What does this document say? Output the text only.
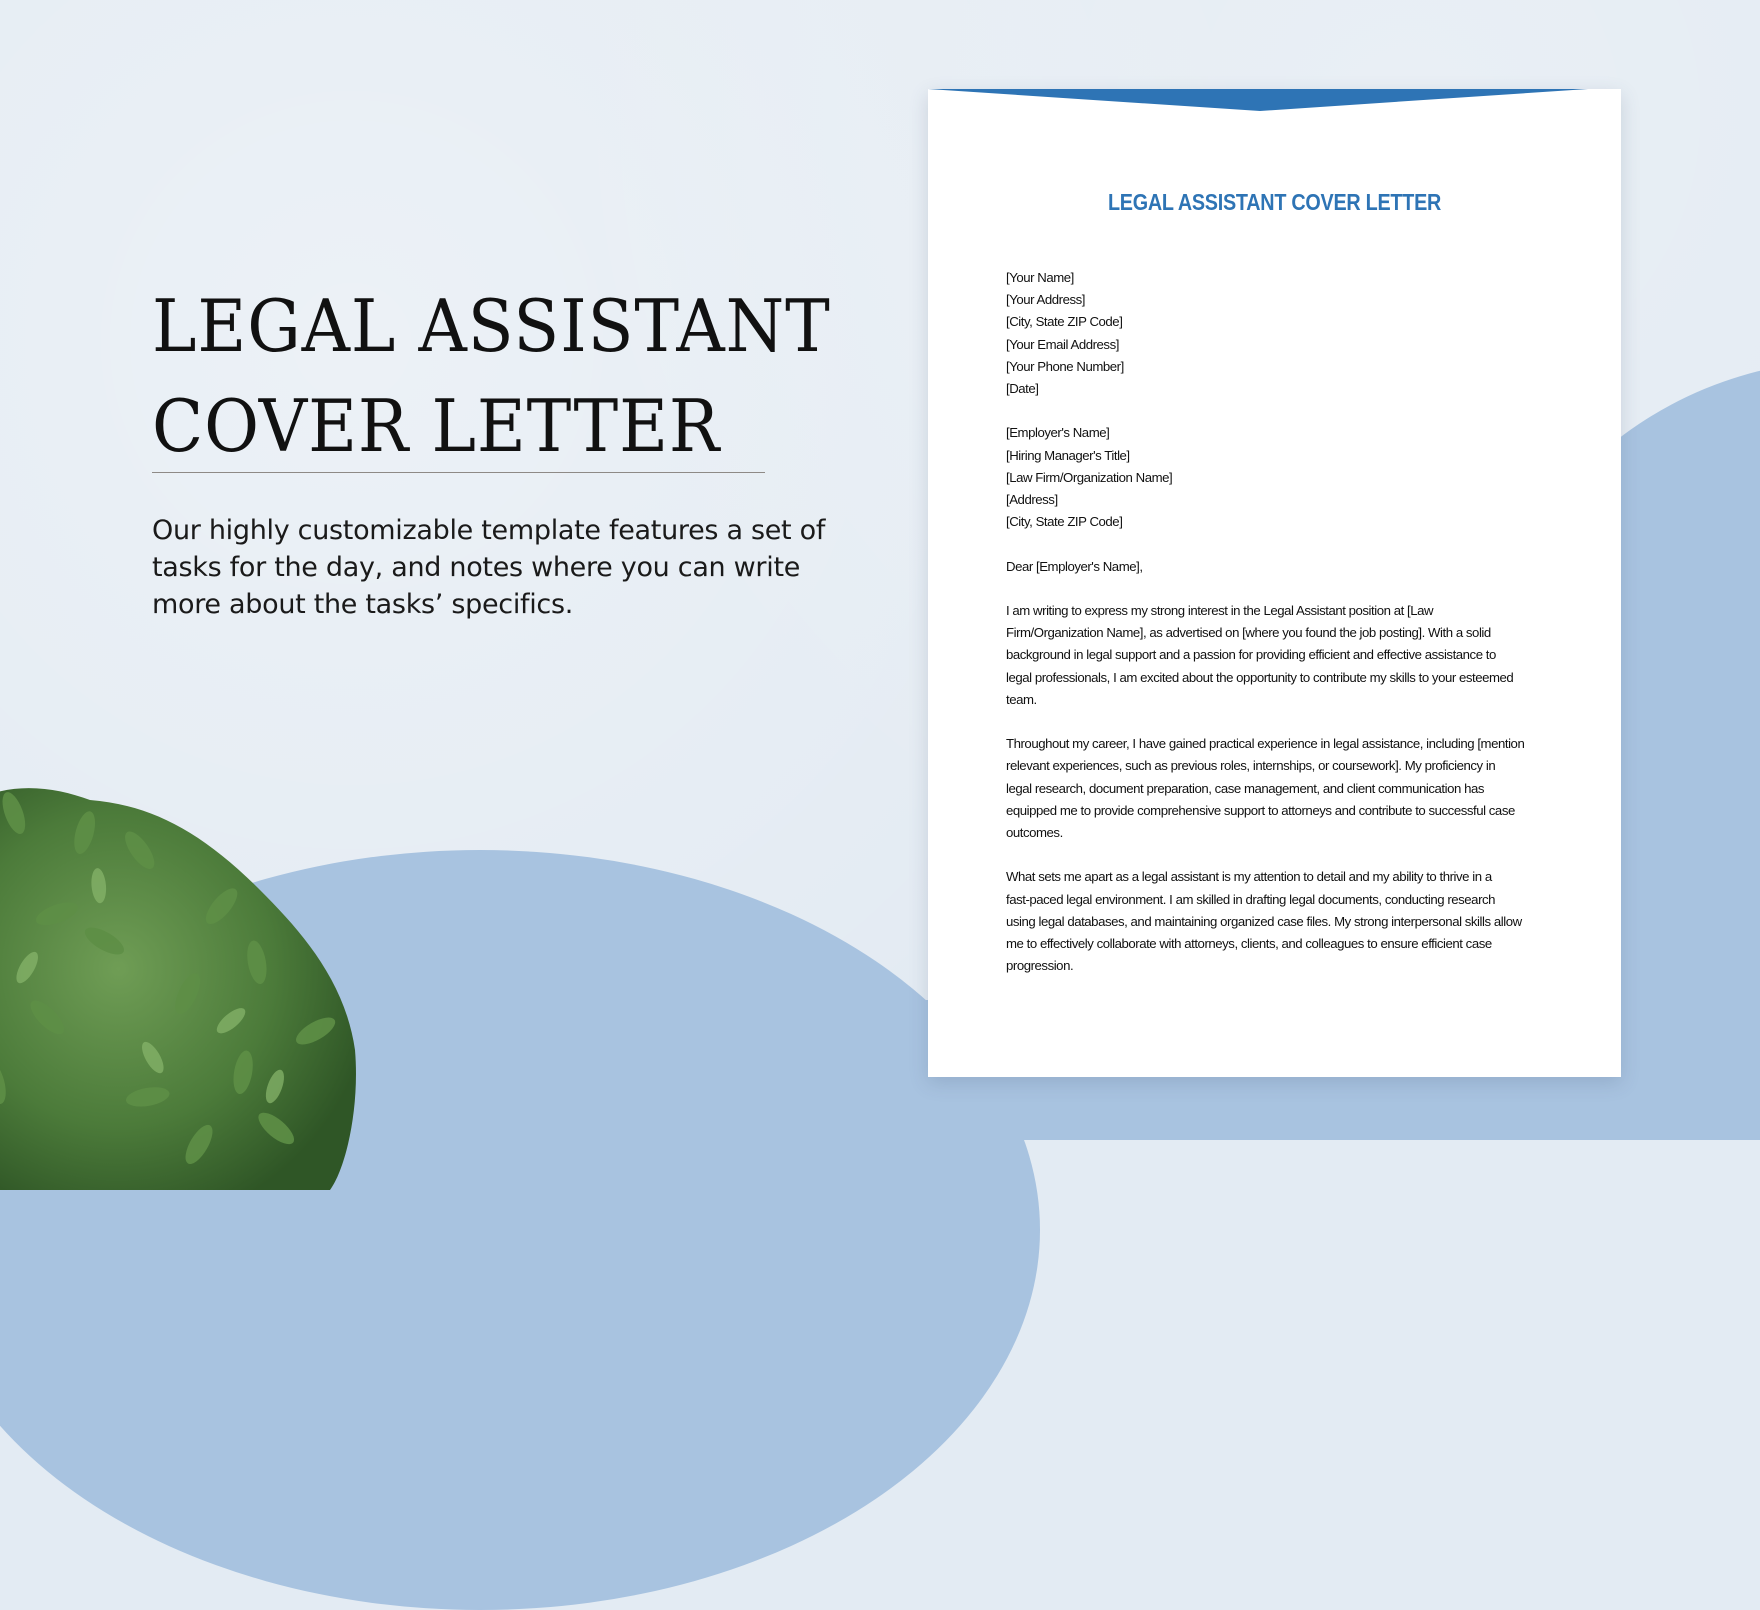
LEGAL ASSISTANT
COVER LETTER

Our highly customizable template features a set of tasks for the day, and notes where you can write more about the tasks’ specifics.

LEGAL ASSISTANT COVER LETTER
[Your Name]
[Your Address]
[City, State ZIP Code]
[Your Email Address]
[Your Phone Number]
[Date]
[Employer's Name]
[Hiring Manager's Title]
[Law Firm/Organization Name]
[Address]
[City, State ZIP Code]

Dear [Employer's Name],

I am writing to express my strong interest in the Legal Assistant position at [Law
Firm/Organization Name], as advertised on [where you found the job posting]. With a solid
background in legal support and a passion for providing efficient and effective assistance to
legal professionals, I am excited about the opportunity to contribute my skills to your esteemed
team.

Throughout my career, I have gained practical experience in legal assistance, including [mention
relevant experiences, such as previous roles, internships, or coursework]. My proficiency in
legal research, document preparation, case management, and client communication has
equipped me to provide comprehensive support to attorneys and contribute to successful case
outcomes.

What sets me apart as a legal assistant is my attention to detail and my ability to thrive in a
fast-paced legal environment. I am skilled in drafting legal documents, conducting research
using legal databases, and maintaining organized case files. My strong interpersonal skills allow
me to effectively collaborate with attorneys, clients, and colleagues to ensure efficient case
progression.
